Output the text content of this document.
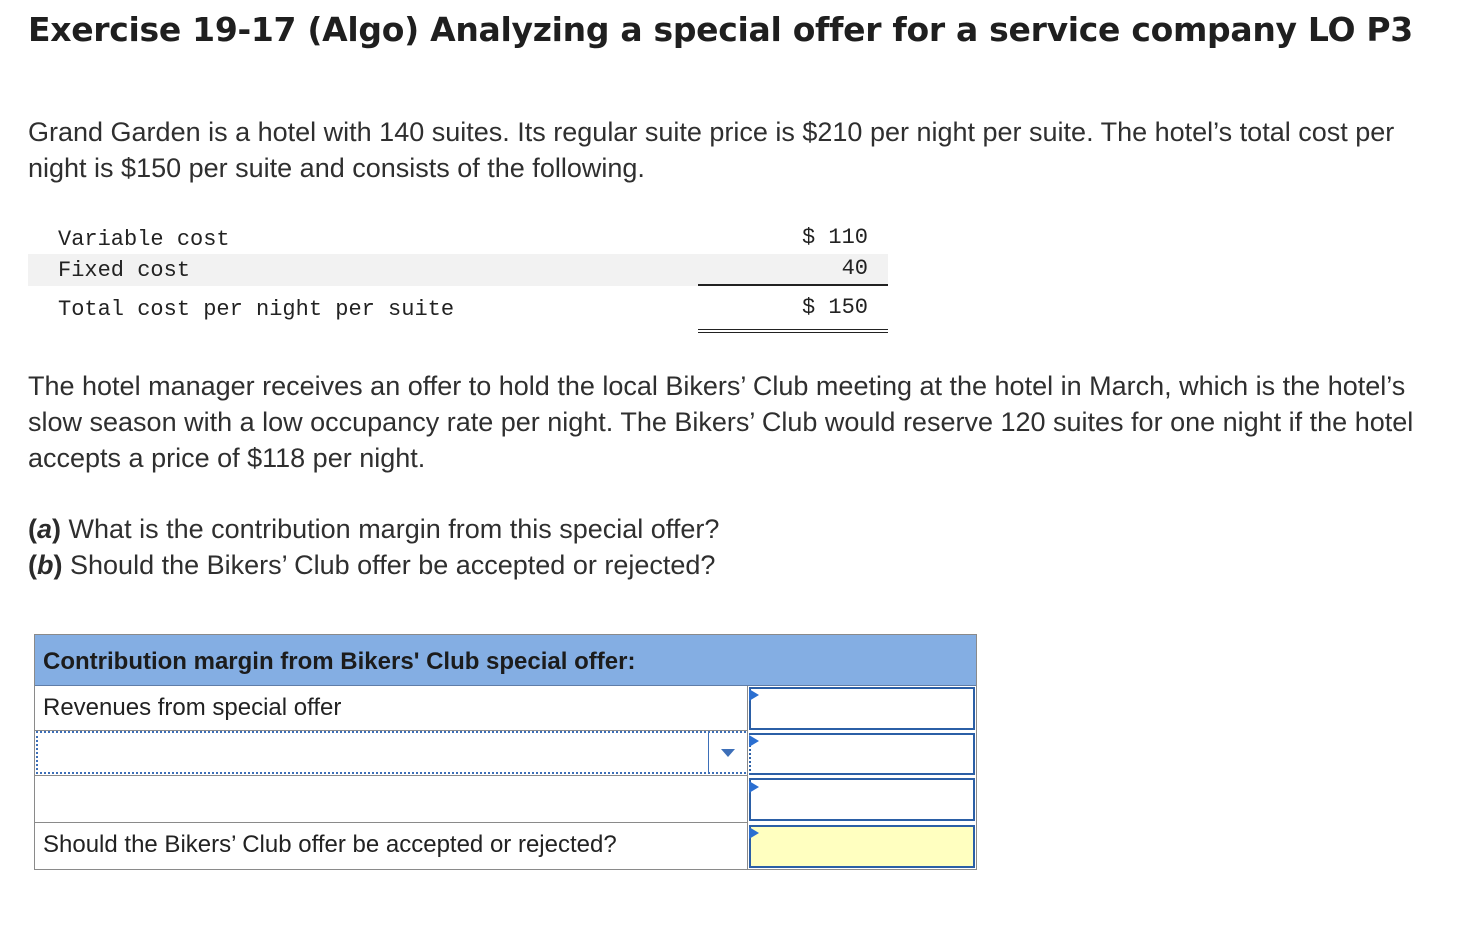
Exercise 19-17 (Algo) Analyzing a special offer for a service company LO P3

Grand Garden is a hotel with 140 suites. Its regular suite price is $210 per night per suite. The hotel’s total cost per night is $150 per suite and consists of the following.

Variable cost	$ 110
Fixed cost	40
Total cost per night per suite	$ 150

The hotel manager receives an offer to hold the local Bikers’ Club meeting at the hotel in March, which is the hotel’s slow season with a low occupancy rate per night. The Bikers’ Club would reserve 120 suites for one night if the hotel accepts a price of $118 per night.

(a) What is the contribution margin from this special offer?
(b) Should the Bikers’ Club offer be accepted or rejected?
Contribution margin from Bikers' Club special offer:
Revenues from special offer
Should the Bikers’ Club offer be accepted or rejected?
